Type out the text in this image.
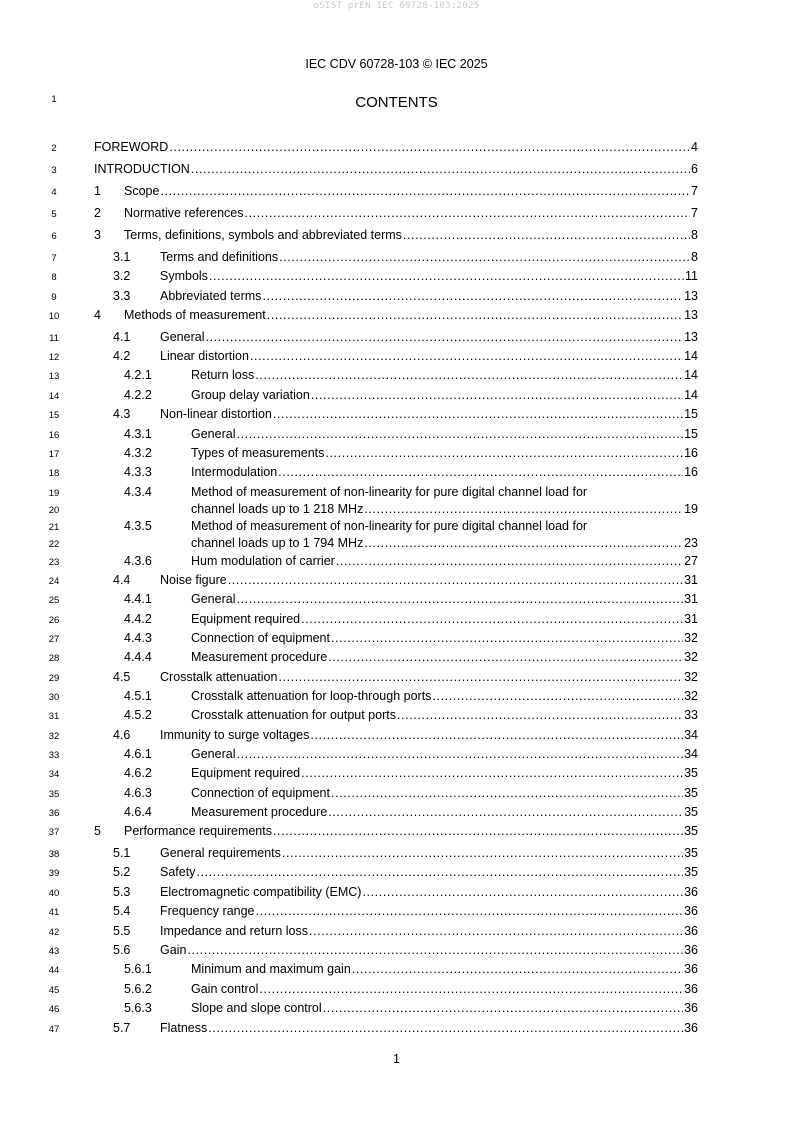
oSIST prEN IEC 60728-103:2025
IEC CDV 60728-103 © IEC 2025
1	CONTENTS
2	FOREWORD .....	4
3	INTRODUCTION .....	6
4	1 Scope .....	7
5	2 Normative references .....	7
6	3 Terms, definitions, symbols and abbreviated terms .....	8
7	3.1 Terms and definitions .....	8
8	3.2 Symbols .....	11
9	3.3 Abbreviated terms .....	13
10	4 Methods of measurement .....	13
11	4.1 General .....	13
12	4.2 Linear distortion .....	14
13	4.2.1	Return loss .....	14
14	4.2.2	Group delay variation .....	14
15	4.3 Non-linear distortion .....	15
16	4.3.1	General .....	15
17	4.3.2	Types of measurements .....	16
18	4.3.3	Intermodulation .....	16
19
20
4.3.4	Method of measurement of non-linearity for pure digital channel load for
channel loads up to 1 218 MHz .....	19
21
22
4.3.5	Method of measurement of non-linearity for pure digital channel load for
channel loads up to 1 794 MHz .....	23
23	4.3.6	Hum modulation of carrier .....	27
24	4.4 Noise figure .....	31
25	4.4.1	General .....	31
26	4.4.2	Equipment required .....	31
27	4.4.3	Connection of equipment .....	32
28	4.4.4	Measurement procedure .....	32
29	4.5 Crosstalk attenuation .....	32
30	4.5.1	Crosstalk attenuation for loop-through ports .....	32
31	4.5.2	Crosstalk attenuation for output ports .....	33
32	4.6 Immunity to surge voltages .....	34
33	4.6.1	General .....	34
34	4.6.2	Equipment required .....	35
35	4.6.3	Connection of equipment .....	35
36	4.6.4	Measurement procedure .....	35
37	5 Performance requirements .....	35
38	5.1 General requirements .....	35
39	5.2 Safety .....	35
40	5.3 Electromagnetic compatibility (EMC) .....	36
41	5.4 Frequency range .....	36
42	5.5 Impedance and return loss .....	36
43	5.6 Gain .....	36
44	5.6.1	Minimum and maximum gain .....	36
45	5.6.2	Gain control .....	36
46	5.6.3	Slope and slope control .....	36
47	5.7 Flatness .....	36
1
